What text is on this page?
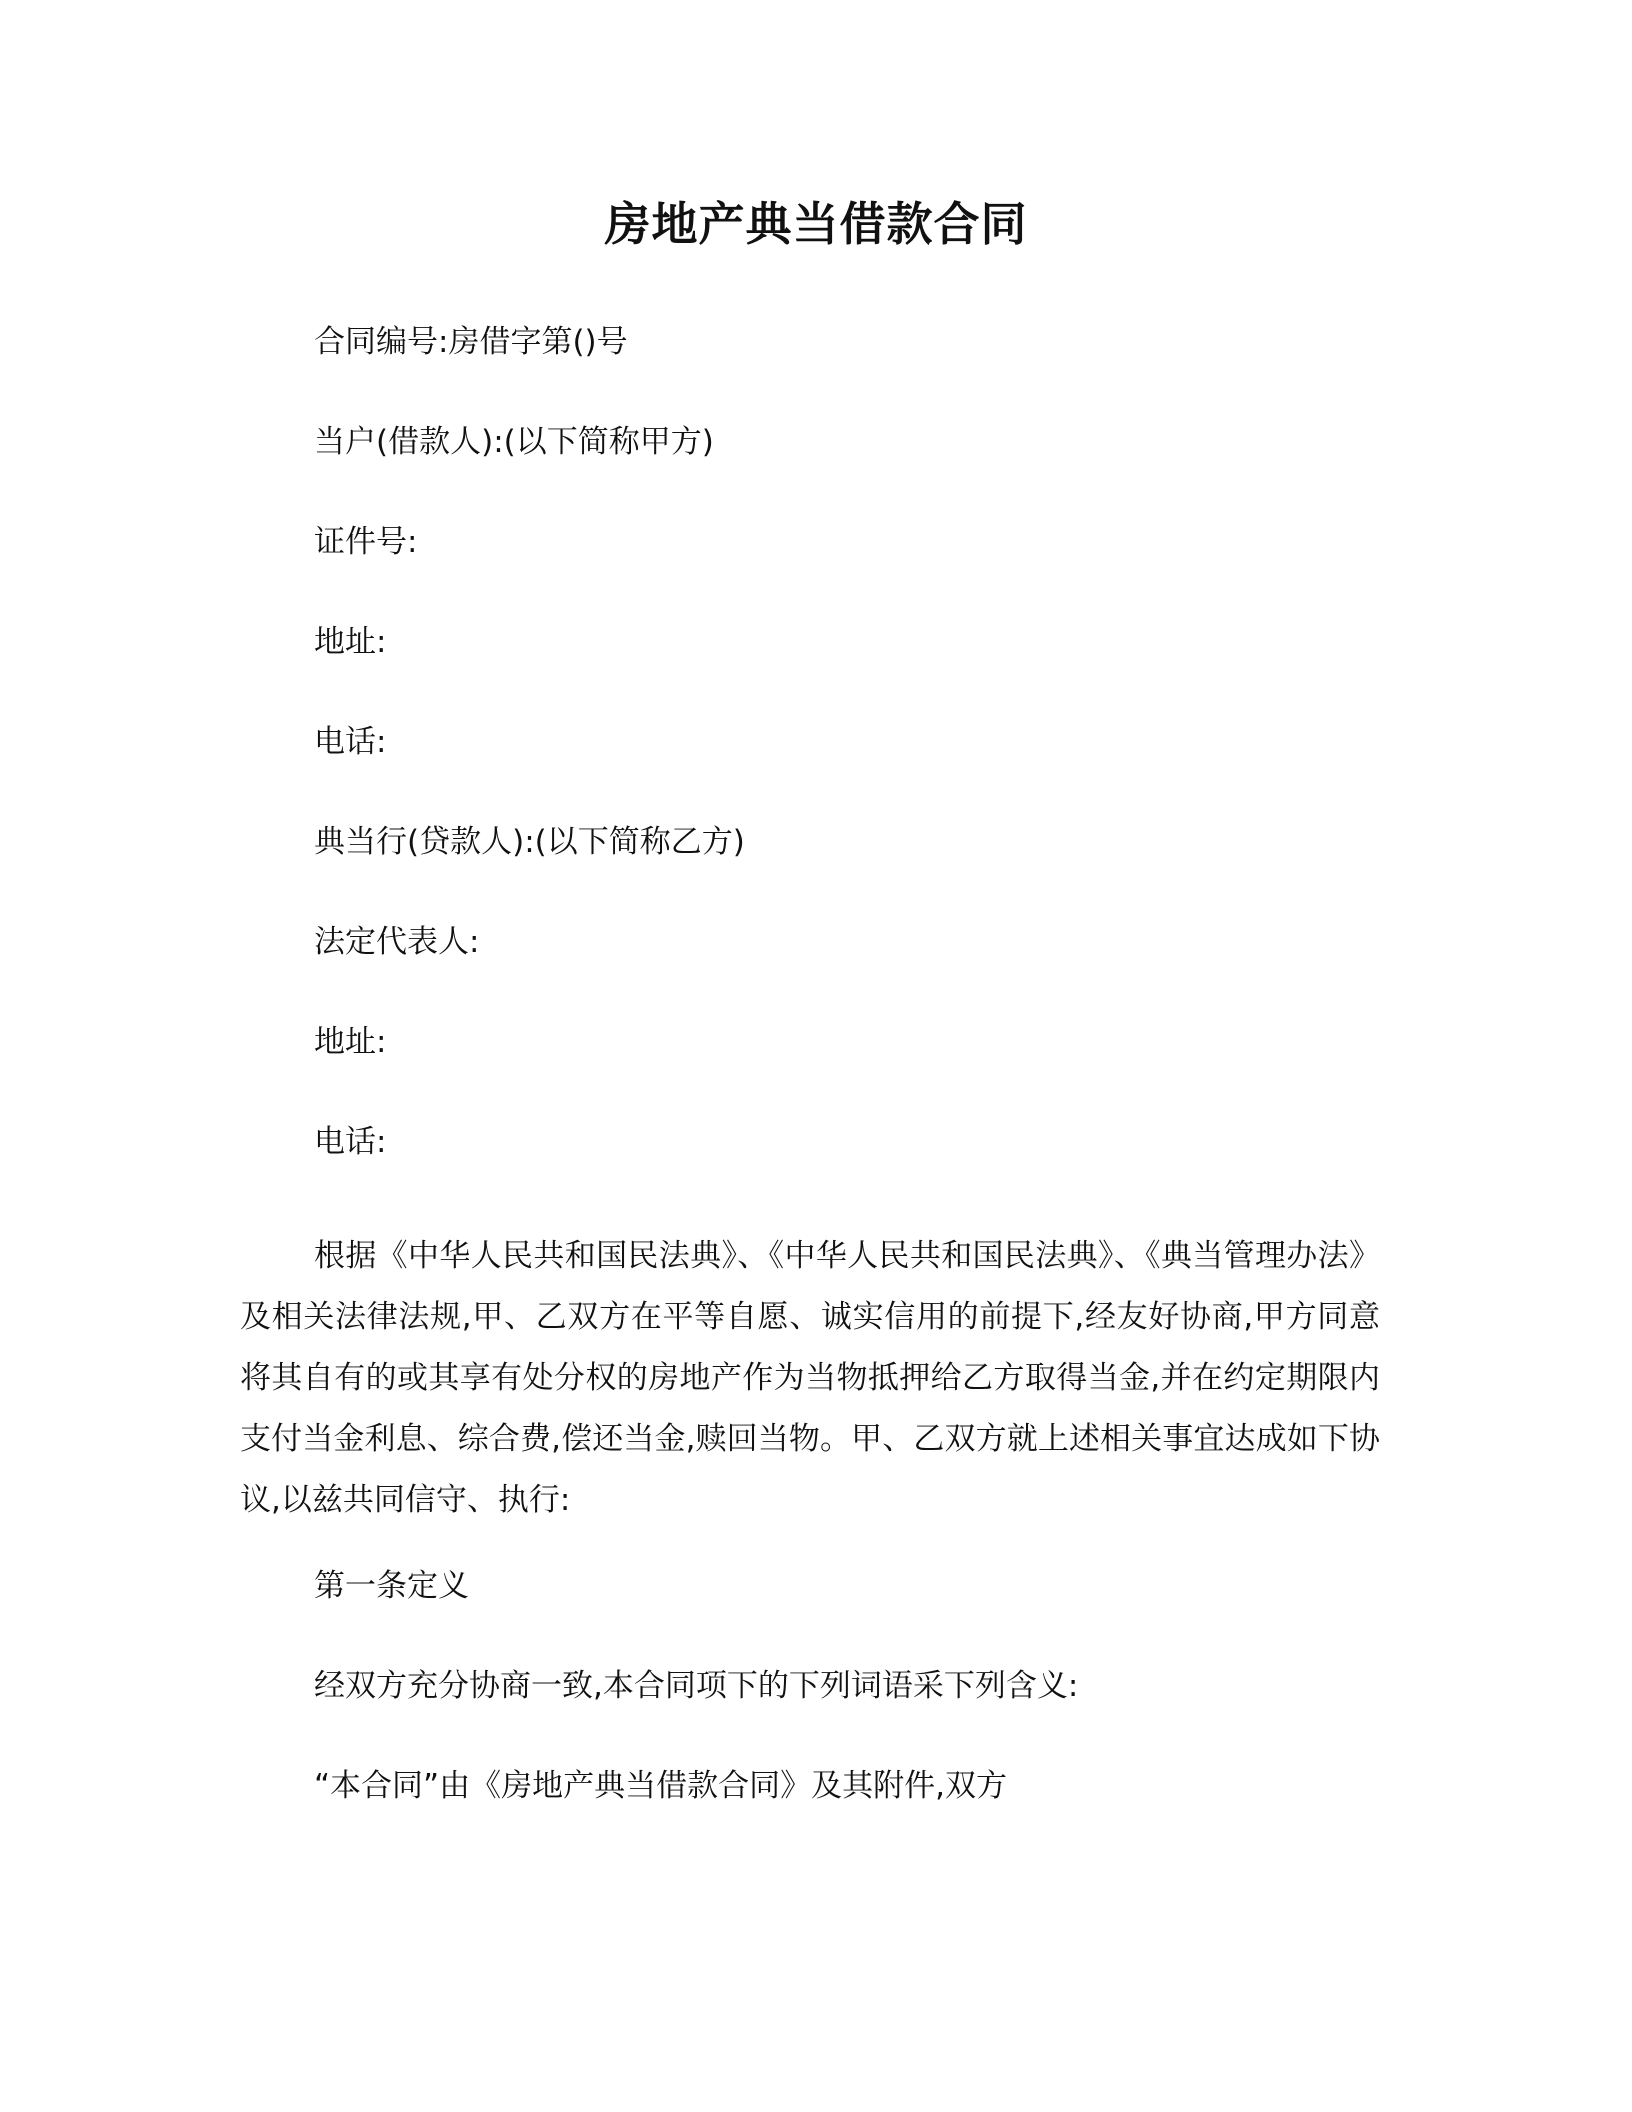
房地产典当借款合同
合同编号:房借字第()号
当户(借款人):(以下简称甲方)
证件号:
地址:
电话:
典当行(贷款人):(以下简称乙方)
法定代表人:
地址:
电话:

根据《中华人民共和国民法典》、《中华人民共和国民法典》、《典当管理办法》及相关法律法规,甲、乙双方在平等自愿、诚实信用的前提下,经友好协商,甲方同意将其自有的或其享有处分权的房地产作为当物抵押给乙方取得当金,并在约定期限内支付当金利息、综合费,偿还当金,赎回当物。甲、乙双方就上述相关事宜达成如下协议,以兹共同信守、执行:

第一条定义
经双方充分协商一致,本合同项下的下列词语采下列含义:
“本合同”由《房地产典当借款合同》及其附件,双方
